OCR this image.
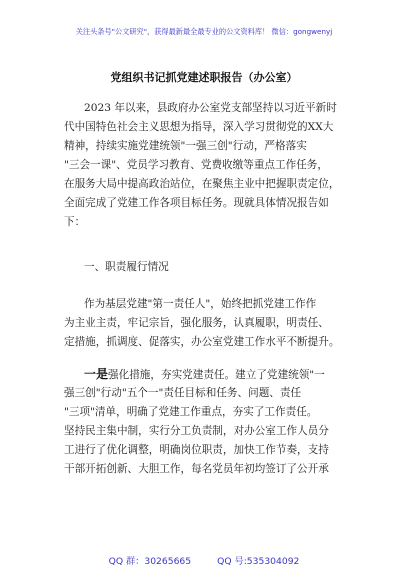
关注头条号"公文研究"，获得最新最全最专业的公文资料库！ 微信：gongwenyj
党组织书记抓党建述职报告（办公室）
2023 年以来，县政府办公室党支部坚持以习近平新时
代中国特色社会主义思想为指导，深入学习贯彻党的XX大
精神，持续实施党建统领"一强三创"行动，严格落实
"三会一课"、党员学习教育、党费收缴等重点工作任务，
在服务大局中提高政治站位，在聚焦主业中把握职责定位，
全面完成了党建工作各项目标任务。现就具体情况报告如
下：
一、职责履行情况
作为基层党建"第一责任人"，始终把抓党建工作作
为主业主责，牢记宗旨，强化服务，认真履职，明责任、
定措施，抓调度、促落实，办公室党建工作水平不断提升。
一是强化措施，夯实党建责任。建立了党建统领"一
强三创"行动"五个一"责任目标和任务、问题、责任
"三项"清单，明确了党建工作重点，夯实了工作责任。
坚持民主集中制，实行分工负责制，对办公室工作人员分
工进行了优化调整，明确岗位职责，加快工作节奏，支持
干部开拓创新、大胆工作，每名党员年初均签订了公开承
QQ 群：30265665	QQ 号:535304092
